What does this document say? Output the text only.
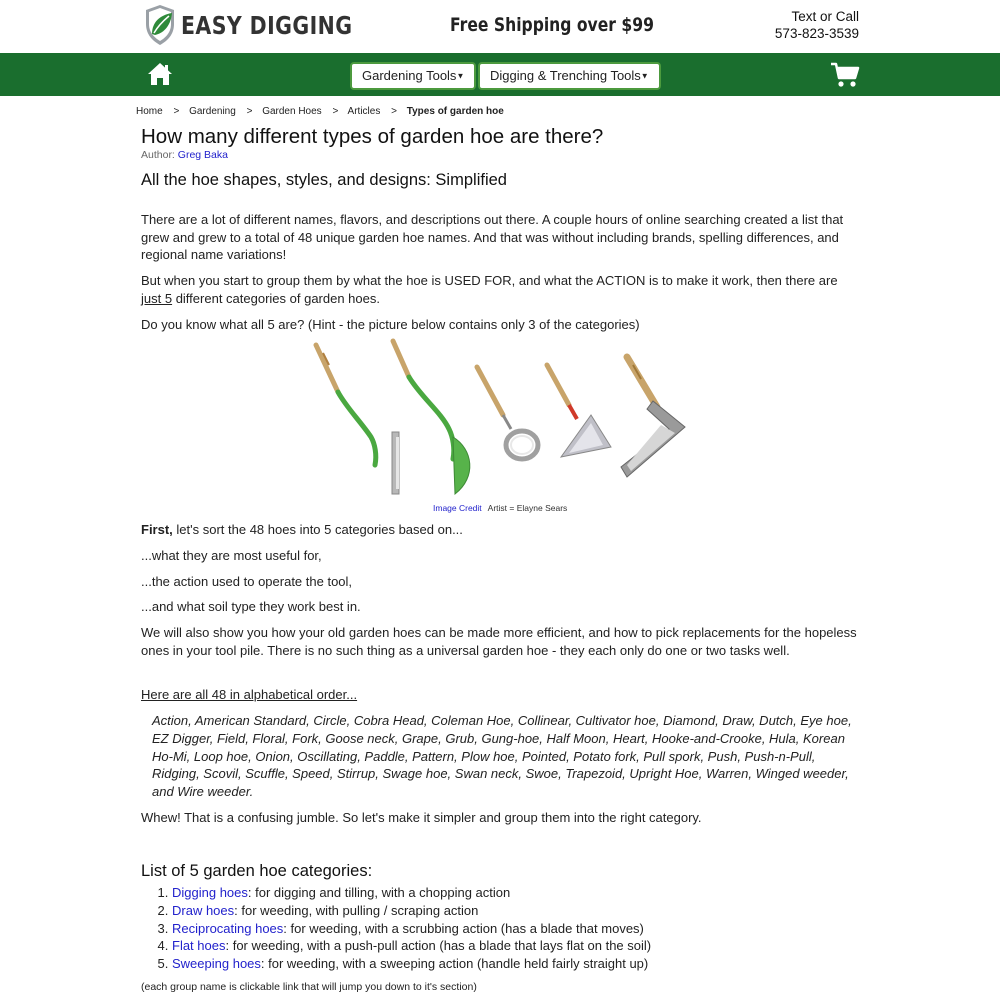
EASY DIGGING	Free Shipping over $99	Text or Call
573-823-3539
Gardening Tools▼	Digging & Trenching Tools▼
Home > Gardening > Garden Hoes > Articles > Types of garden hoe
How many different types of garden hoe are there?
Author: Greg Baka
All the hoe shapes, styles, and designs: Simplified

There are a lot of different names, flavors, and descriptions out there. A couple hours of online searching created a list that grew and grew to a total of 48 unique garden hoe names. And that was without including brands, spelling differences, and regional name variations!

But when you start to group them by what the hoe is USED FOR, and what the ACTION is to make it work, then there are just 5 different categories of garden hoes.

Do you know what all 5 are? (Hint - the picture below contains only 3 of the categories)

Image Credit Artist = Elayne Sears

First, let's sort the 48 hoes into 5 categories based on...

...what they are most useful for,

...the action used to operate the tool,

...and what soil type they work best in.

We will also show you how your old garden hoes can be made more efficient, and how to pick replacements for the hopeless ones in your tool pile. There is no such thing as a universal garden hoe - they each only do one or two tasks well.

Here are all 48 in alphabetical order...

Action, American Standard, Circle, Cobra Head, Coleman Hoe, Collinear, Cultivator hoe, Diamond, Draw, Dutch, Eye hoe, EZ Digger, Field, Floral, Fork, Goose neck, Grape, Grub, Gung-hoe, Half Moon, Heart, Hooke-and-Crooke, Hula, Korean Ho-Mi, Loop hoe, Onion, Oscillating, Paddle, Pattern, Plow hoe, Pointed, Potato fork, Pull spork, Push, Push-n-Pull, Ridging, Scovil, Scuffle, Speed, Stirrup, Swage hoe, Swan neck, Swoe, Trapezoid, Upright Hoe, Warren, Winged weeder, and Wire weeder.

Whew! That is a confusing jumble. So let's make it simpler and group them into the right category.

List of 5 garden hoe categories:
1. Digging hoes: for digging and tilling, with a chopping action
2. Draw hoes: for weeding, with pulling / scraping action
3. Reciprocating hoes: for weeding, with a scrubbing action (has a blade that moves)
4. Flat hoes: for weeding, with a push-pull action (has a blade that lays flat on the soil)
5. Sweeping hoes: for weeding, with a sweeping action (handle held fairly straight up)
(each group name is clickable link that will jump you down to it's section)
